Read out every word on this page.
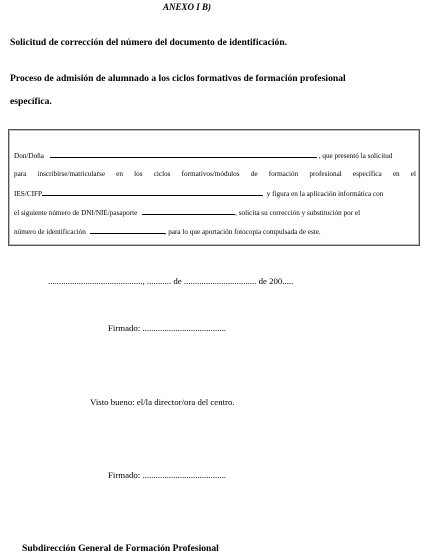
ANEXO I B)
Solicitud de corrección del número del documento de identificación.
Proceso de admisión de alumnado a los ciclos formativos de formación profesional
específica.
Don/Doña	, que presentó la solicitud
para inscribirse/matricularse en los ciclos formativos/módulos de formación profesional específica en el
IES/CIFP	y figura en la aplicación informática con
el siguiente número de DNI/NIE/pasaporte	, solicita su corrección y substitución por el
número de identificación	, para lo que aportación fotocopia compulsada de este.
..........................................., ........... de ................................. de 200.....
Firmado: ......................................
Visto bueno: el/la director/ora del centro.
Firmado: ......................................
Subdirección General de Formación Profesional
